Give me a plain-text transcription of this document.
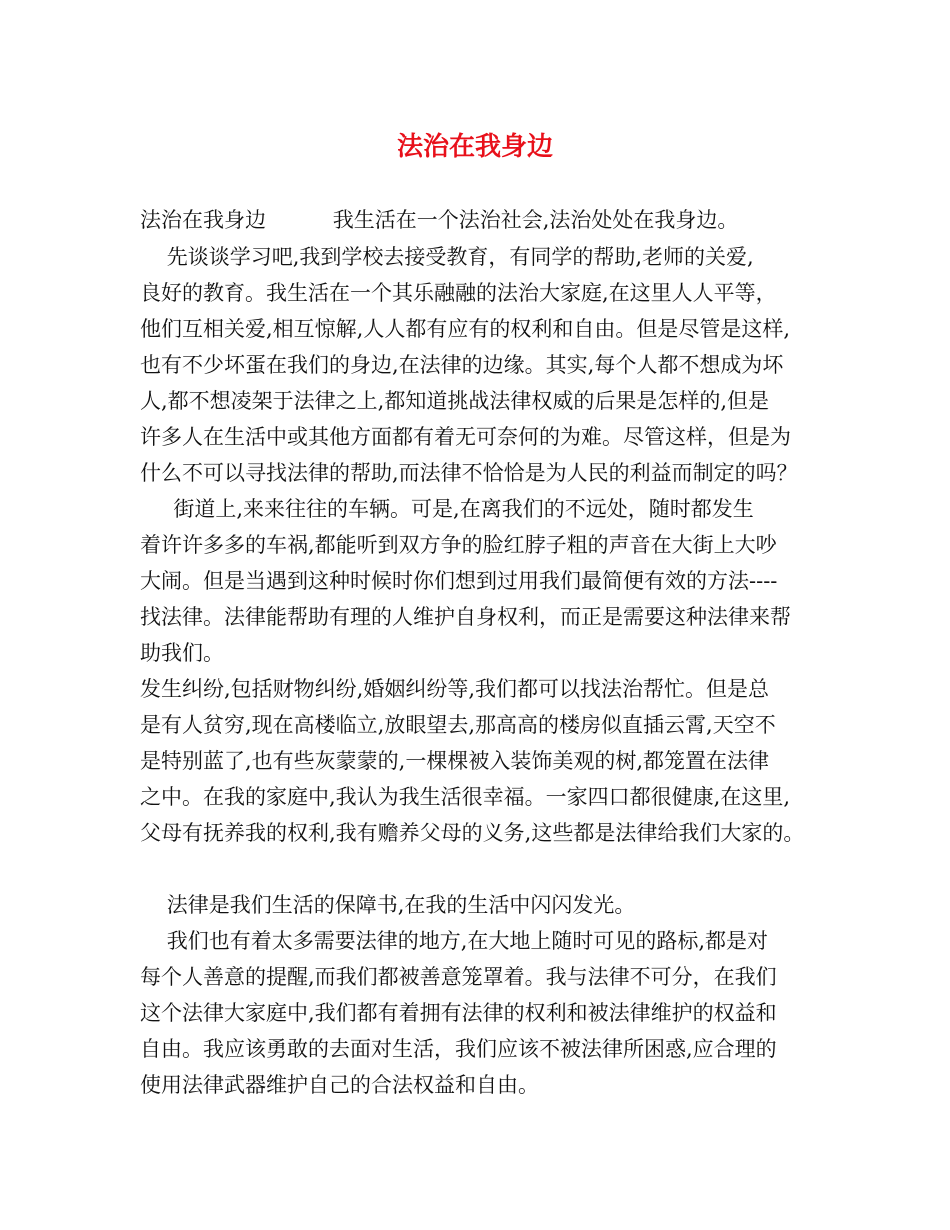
法治在我身边

法治在我身边          我生活在一个法治社会,法治处处在我身边。

先谈谈学习吧,我到学校去接受教育，有同学的帮助,老师的关爱,

良好的教育。我生活在一个其乐融融的法治大家庭,在这里人人平等，

他们互相关爱,相互惊解,人人都有应有的权利和自由。但是尽管是这样,

也有不少坏蛋在我们的身边,在法律的边缘。其实,每个人都不想成为坏

人,都不想凌架于法律之上,都知道挑战法律权威的后果是怎样的,但是

许多人在生活中或其他方面都有着无可奈何的为难。尽管这样，但是为

什么不可以寻找法律的帮助,而法律不恰恰是为人民的利益而制定的吗？

街道上,来来往往的车辆。可是,在离我们的不远处，随时都发生

着许许多多的车祸,都能听到双方争的脸红脖子粗的声音在大街上大吵

大闹。但是当遇到这种时候时你们想到过用我们最简便有效的方法----

找法律。法律能帮助有理的人维护自身权利，而正是需要这种法律来帮

助我们。

发生纠纷,包括财物纠纷,婚姻纠纷等,我们都可以找法治帮忙。但是总

是有人贫穷,现在高楼临立,放眼望去,那高高的楼房似直插云霄,天空不

是特别蓝了,也有些灰蒙蒙的,一棵棵被入装饰美观的树,都笼置在法律

之中。在我的家庭中,我认为我生活很幸福。一家四口都很健康,在这里,

父母有抚养我的权利,我有赡养父母的义务,这些都是法律给我们大家的。

法律是我们生活的保障书,在我的生活中闪闪发光。

我们也有着太多需要法律的地方,在大地上随时可见的路标,都是对

每个人善意的提醒,而我们都被善意笼罩着。我与法律不可分，在我们

这个法律大家庭中,我们都有着拥有法律的权利和被法律维护的权益和

自由。我应该勇敢的去面对生活，我们应该不被法律所困惑,应合理的

使用法律武器维护自己的合法权益和自由。
